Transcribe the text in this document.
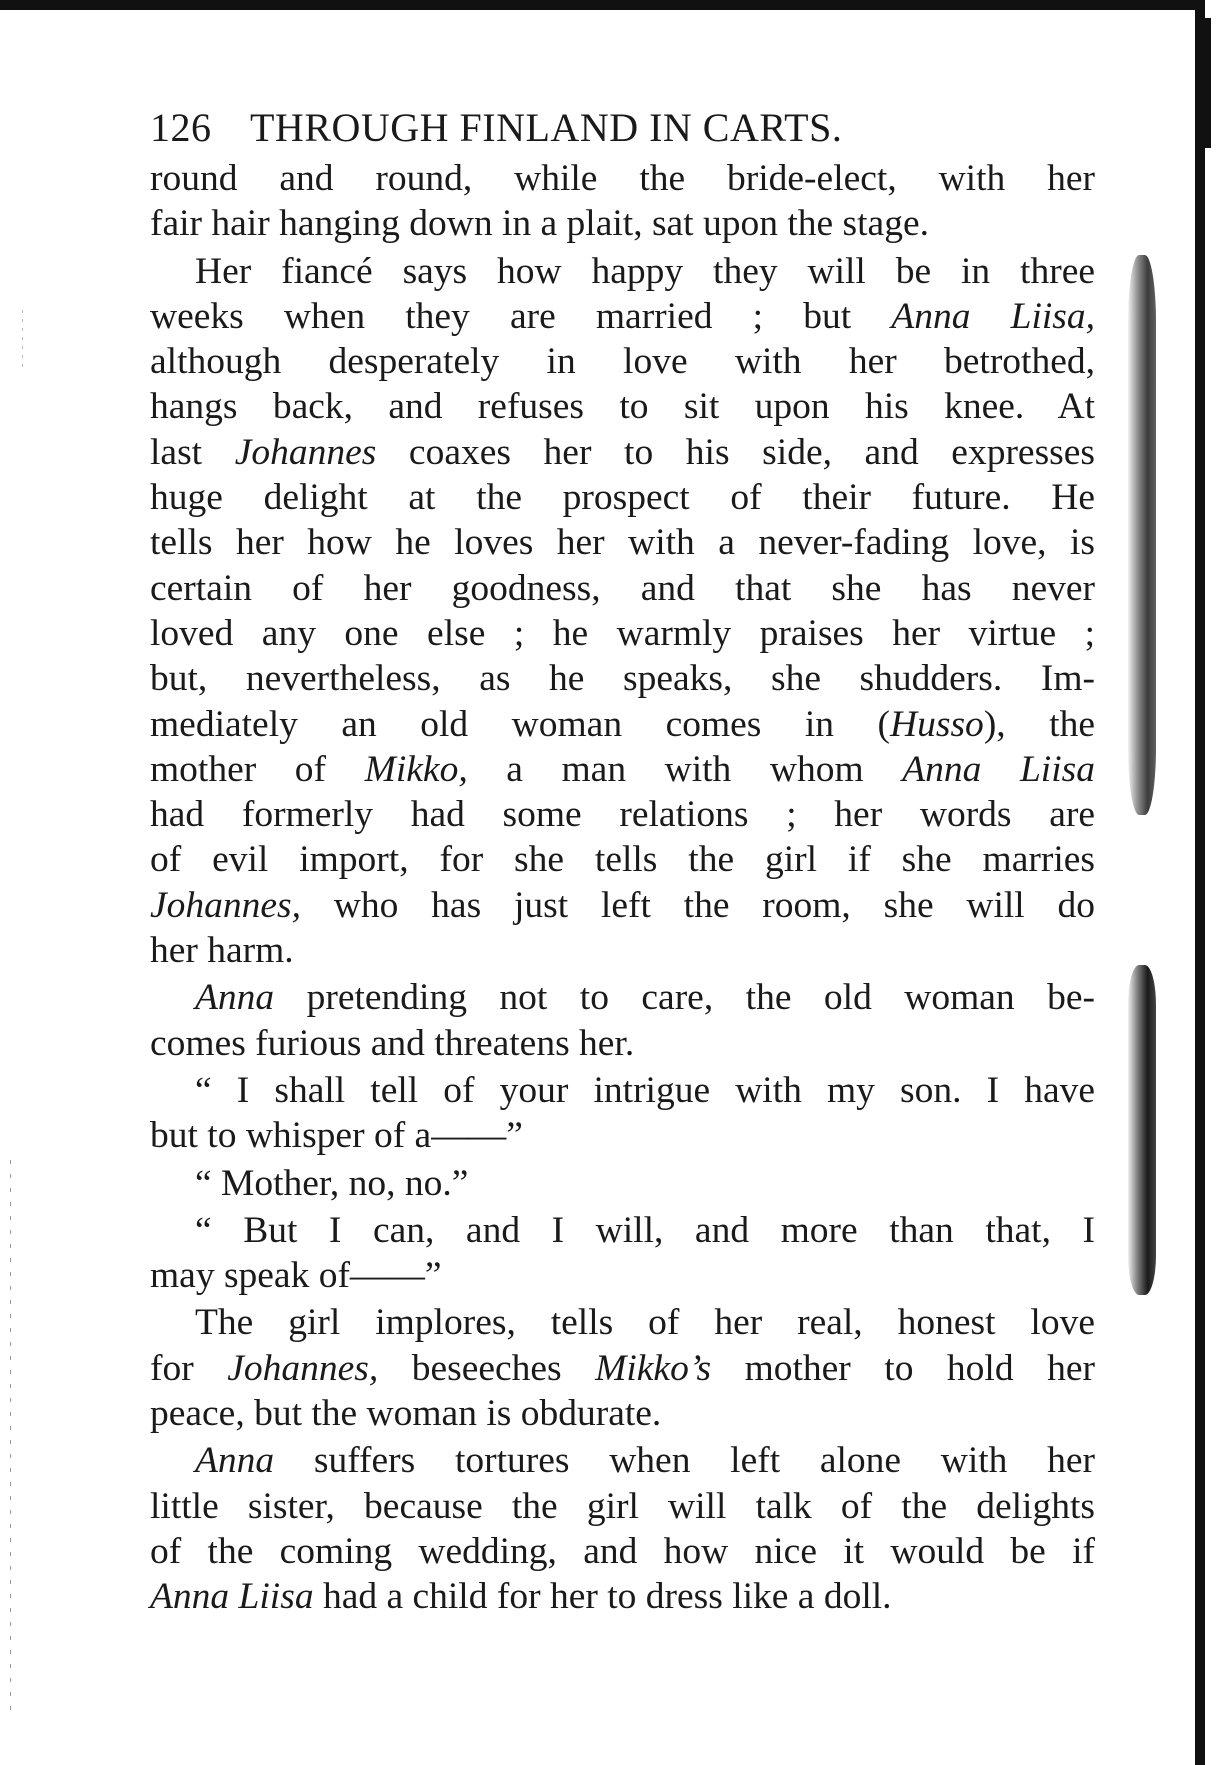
126 THROUGH FINLAND IN CARTS.

round and round, while the bride-elect, with her
fair hair hanging down in a plait, sat upon the stage.

Her fiancé says how happy they will be in three
weeks when they are married ; but Anna Liisa,
although desperately in love with her betrothed,
hangs back, and refuses to sit upon his knee. At
last Johannes coaxes her to his side, and expresses
huge delight at the prospect of their future. He
tells her how he loves her with a never-fading love, is
certain of her goodness, and that she has never
loved any one else ; he warmly praises her virtue ;
but, nevertheless, as he speaks, she shudders. Im-
mediately an old woman comes in (Husso), the
mother of Mikko, a man with whom Anna Liisa
had formerly had some relations ; her words are
of evil import, for she tells the girl if she marries
Johannes, who has just left the room, she will do
her harm.

Anna pretending not to care, the old woman be-
comes furious and threatens her.

“ I shall tell of your intrigue with my son. I have
but to whisper of a——”

“ Mother, no, no.”

“ But I can, and I will, and more than that, I
may speak of——”

The girl implores, tells of her real, honest love
for Johannes, beseeches Mikko’s mother to hold her
peace, but the woman is obdurate.

Anna suffers tortures when left alone with her
little sister, because the girl will talk of the delights
of the coming wedding, and how nice it would be if
Anna Liisa had a child for her to dress like a doll.
